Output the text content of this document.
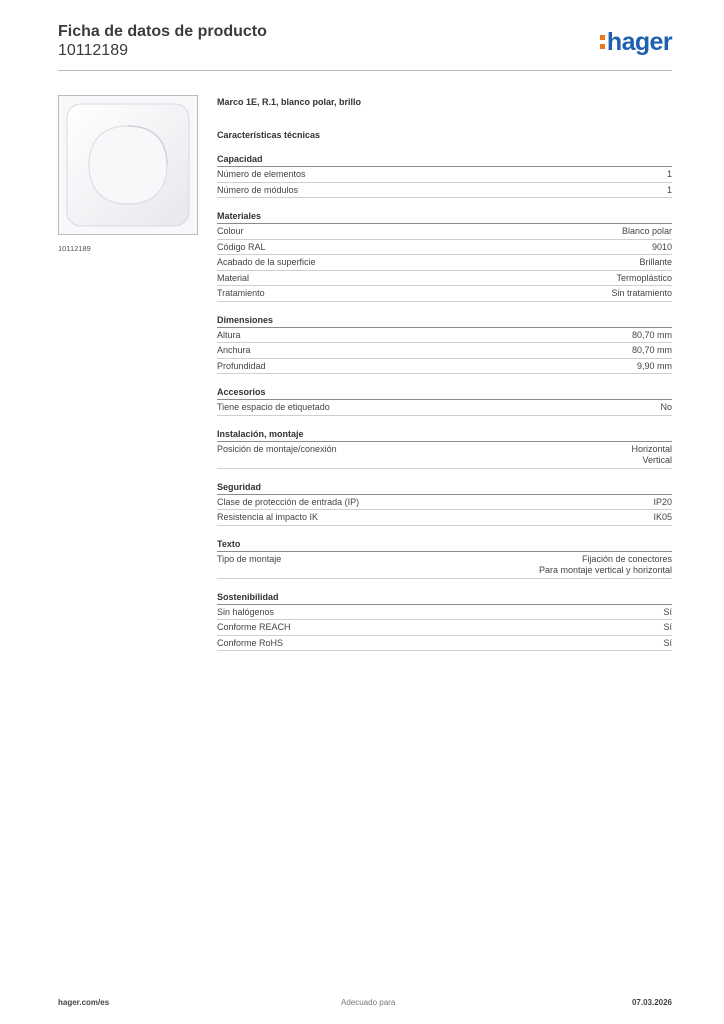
Ficha de datos de producto
10112189	hager
10112189
Marco 1E, R.1, blanco polar, brillo
Características técnicas
Capacidad
Número de elementos	1
Número de módulos	1
Materiales
Colour	Blanco polar
Código RAL	9010
Acabado de la superficie	Brillante
Material	Termoplástico
Tratamiento	Sin tratamiento
Dimensiones
Altura	80,70 mm
Anchura	80,70 mm
Profundidad	9,90 mm
Accesorios
Tiene espacio de etiquetado	No
Instalación, montaje
Posición de montaje/conexión	Horizontal
Vertical
Seguridad
Clase de protección de entrada (IP)	IP20
Resistencia al impacto IK	IK05
Texto
Tipo de montaje	Fijación de conectores
Para montaje vertical y horizontal
Sostenibilidad
Sin halógenos	Sí
Conforme REACH	Sí
Conforme RoHS	Sí
hager.com/es	Adecuado para	07.03.2026
